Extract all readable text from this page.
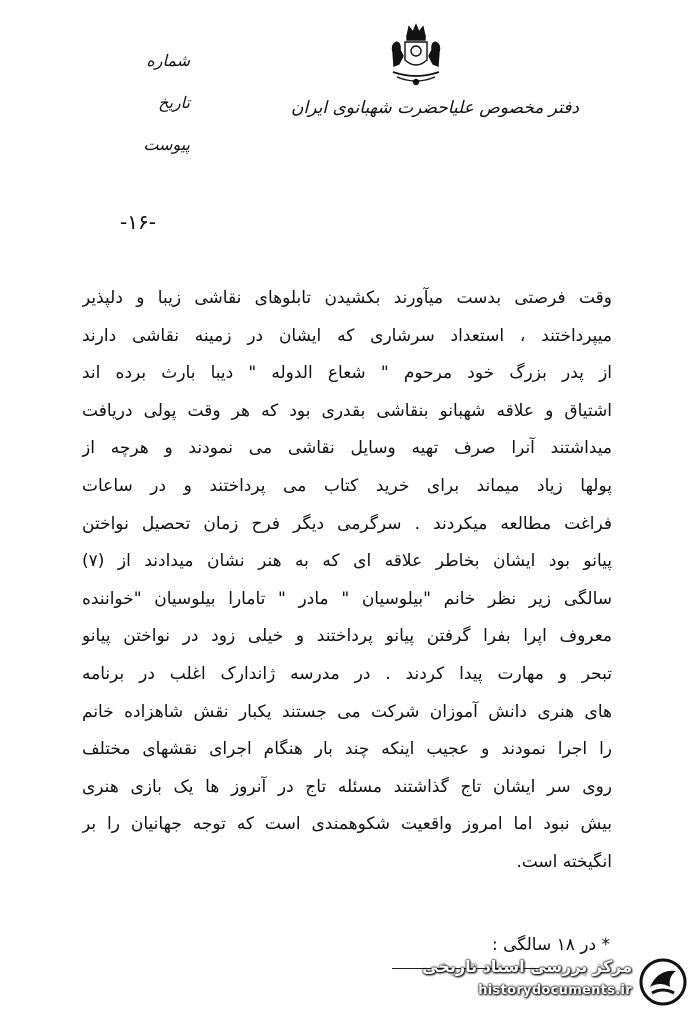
دفتر مخصوص علیاحضرت شهبانوی ایران
شماره
تاریخ
پیوست
-۱۶-
وقت فرصتی بدست میآورند بکشیدن تابلوهای نقاشی زیبا و دلپذیر
میپرداختند ، استعداد سرشاری که ایشان در زمینه نقاشی دارند
از پدر بزرگ خود مرحوم " شعاع الدوله " دیبا بارث برده اند
اشتیاق و علاقه شهبانو بنقاشی بقدری بود که هر وقت پولی دریافت
میداشتند آنرا صرف تهیه وسایل نقاشی می نمودند و هرچه از
پولها زیاد میماند برای خرید کتاب می پرداختند و در ساعات
فراغت مطالعه میکردند . سرگرمی دیگر فرح زمان تحصیل نواختن
پیانو بود ایشان بخاطر علاقه ای که به هنر نشان میدادند از (۷)
سالگی زیر نظر خانم "بیلوسیان " مادر " تامارا بیلوسیان "خواننده
معروف اپرا بفرا گرفتن پیانو پرداختند و خیلی زود در نواختن پیانو
تبحر و مهارت پیدا کردند . در مدرسه ژاندارک اغلب در برنامه
های هنری دانش آموزان شرکت می جستند یکبار نقش شاهزاده خانم
را اجرا نمودند و عجیب اینکه چند بار هنگام اجرای نقشهای مختلف
روی سر ایشان تاج گذاشتند مسئله تاج در آنروز ها یک بازی هنری
بیش نبود اما امروز واقعیت شکوهمندی است که توجه جهانیان را بر
انگیخته است.
* در ۱۸ سالگی :
مرکز بررسی اسناد تاریخی
historydocuments.ir
